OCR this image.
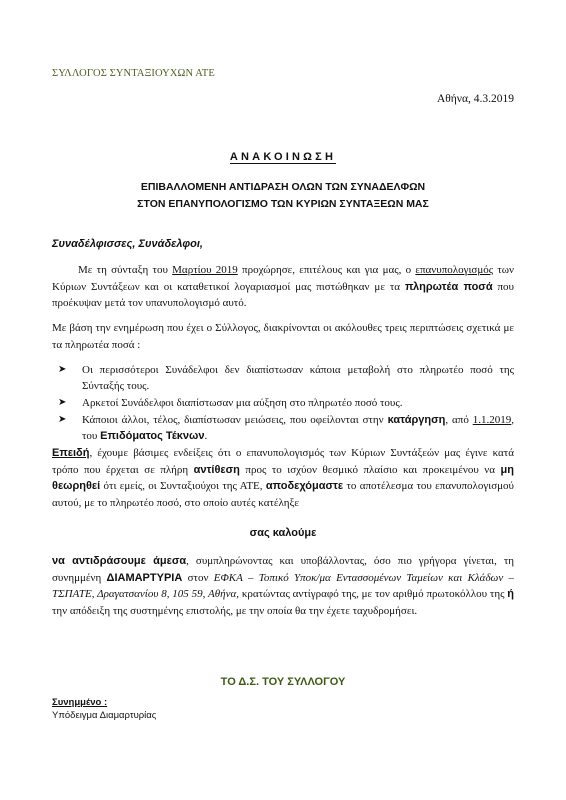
ΣΥΛΛΟΓΟΣ ΣΥΝΤΑΞΙΟΥΧΩΝ ΑΤΕ
Αθήνα, 4.3.2019
ΑΝΑΚΟΙΝΩΣΗ
ΕΠΙΒΑΛΛΟΜΕΝΗ ΑΝΤΙΔΡΑΣΗ ΟΛΩΝ ΤΩΝ ΣΥΝΑΔΕΛΦΩΝ
ΣΤΟΝ ΕΠΑΝΥΠΟΛΟΓΙΣΜΟ ΤΩΝ ΚΥΡΙΩΝ ΣΥΝΤΑΞΕΩΝ ΜΑΣ
Συναδέλφισσες, Συνάδελφοι,
Με τη σύνταξη του Μαρτίου 2019 προχώρησε, επιτέλους και για μας, ο επανυπολογισμός των Κύριων Συντάξεων και οι καταθετικοί λογαριασμοί μας πιστώθηκαν με τα πληρωτέα ποσά που προέκυψαν μετά τον υπανυπολογισμό αυτό.
Με βάση την ενημέρωση που έχει ο Σύλλογος, διακρίνονται οι ακόλουθες τρεις περιπτώσεις σχετικά με τα πληρωτέα ποσά :
➤ Οι περισσότεροι Συνάδελφοι δεν διαπίστωσαν κάποια μεταβολή στο πληρωτέο ποσό της Σύνταξής τους.
➤ Αρκετοί Συνάδελφοι διαπίστωσαν μια αύξηση στο πληρωτέο ποσό τους.
➤ Κάποιοι άλλοι, τέλος, διαπίστωσαν μειώσεις, που οφείλονται στην κατάργηση, από 1.1.2019, του Επιδόματος Τέκνων.
Επειδή, έχουμε βάσιμες ενδείξεις ότι ο επανυπολογισμός των Κύριων Συντάξεών μας έγινε κατά τρόπο που έρχεται σε πλήρη αντίθεση προς το ισχύον θεσμικό πλαίσιο και προκειμένου να μη θεωρηθεί ότι εμείς, οι Συνταξιούχοι της ΑΤΕ, αποδεχόμαστε το αποτέλεσμα του επανυπολογισμού αυτού, με το πληρωτέο ποσό, στο οποίο αυτές κατέληξε
σας καλούμε
να αντιδράσουμε άμεσα, συμπληρώνοντας και υποβάλλοντας, όσο πιο γρήγορα γίνεται, τη συνημμένη ΔΙΑΜΑΡΤΥΡΙΑ στον ΕΦΚΑ – Τοπικό Υποκ/μα Εντασσομένων Ταμείων και Κλάδων – ΤΣΠΑΤΕ, Δραγατσανίου 8, 105 59, Αθήνα, κρατώντας αντίγραφό της, με τον αριθμό πρωτοκόλλου της ή την απόδειξη της συστημένης επιστολής, με την οποία θα την έχετε ταχυδρομήσει.
ΤΟ Δ.Σ. ΤΟΥ ΣΥΛΛΟΓΟΥ
Συνημμένο :
Υπόδειγμα Διαμαρτυρίας
